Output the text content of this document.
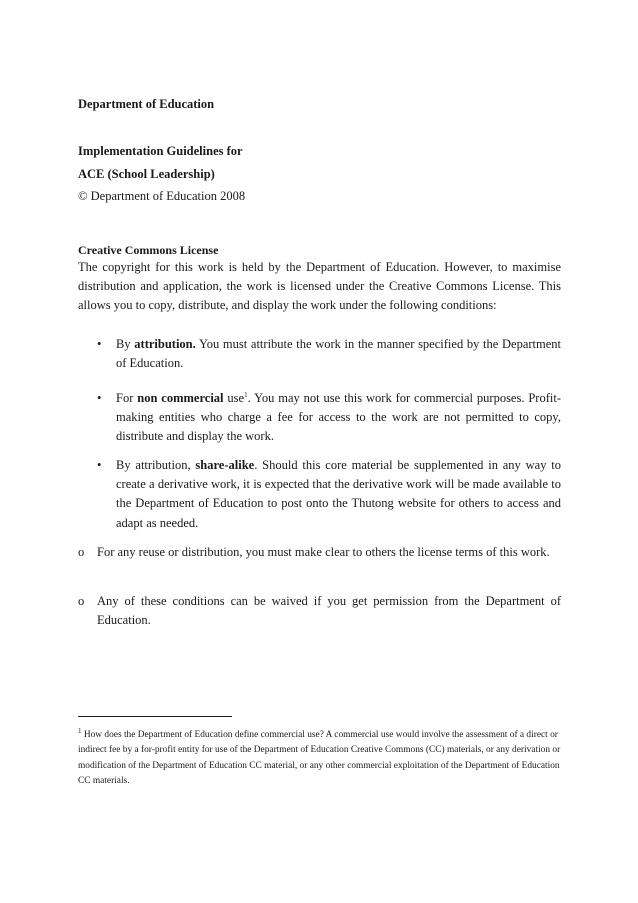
Department of Education
Implementation Guidelines for
ACE (School Leadership)
© Department of Education 2008
Creative Commons License
The copyright for this work is held by the Department of Education. However, to maximise distribution and application, the work is licensed under the Creative Commons License. This allows you to copy, distribute, and display the work under the following conditions:
• By attribution. You must attribute the work in the manner specified by the Department of Education.
• For non commercial use$^1$. You may not use this work for commercial purposes. Profit-making entities who charge a fee for access to the work are not permitted to copy, distribute and display the work.
• By attribution, share-alike. Should this core material be supplemented in any way to create a derivative work, it is expected that the derivative work will be made available to the Department of Education to post onto the Thutong website for others to access and adapt as needed.
o For any reuse or distribution, you must make clear to others the license terms of this work.
o Any of these conditions can be waived if you get permission from the Department of Education.
$^1$ How does the Department of Education define commercial use? A commercial use would involve the assessment of a direct or indirect fee by a for-profit entity for use of the Department of Education Creative Commons (CC) materials, or any derivation or modification of the Department of Education CC material, or any other commercial exploitation of the Department of Education CC materials.
